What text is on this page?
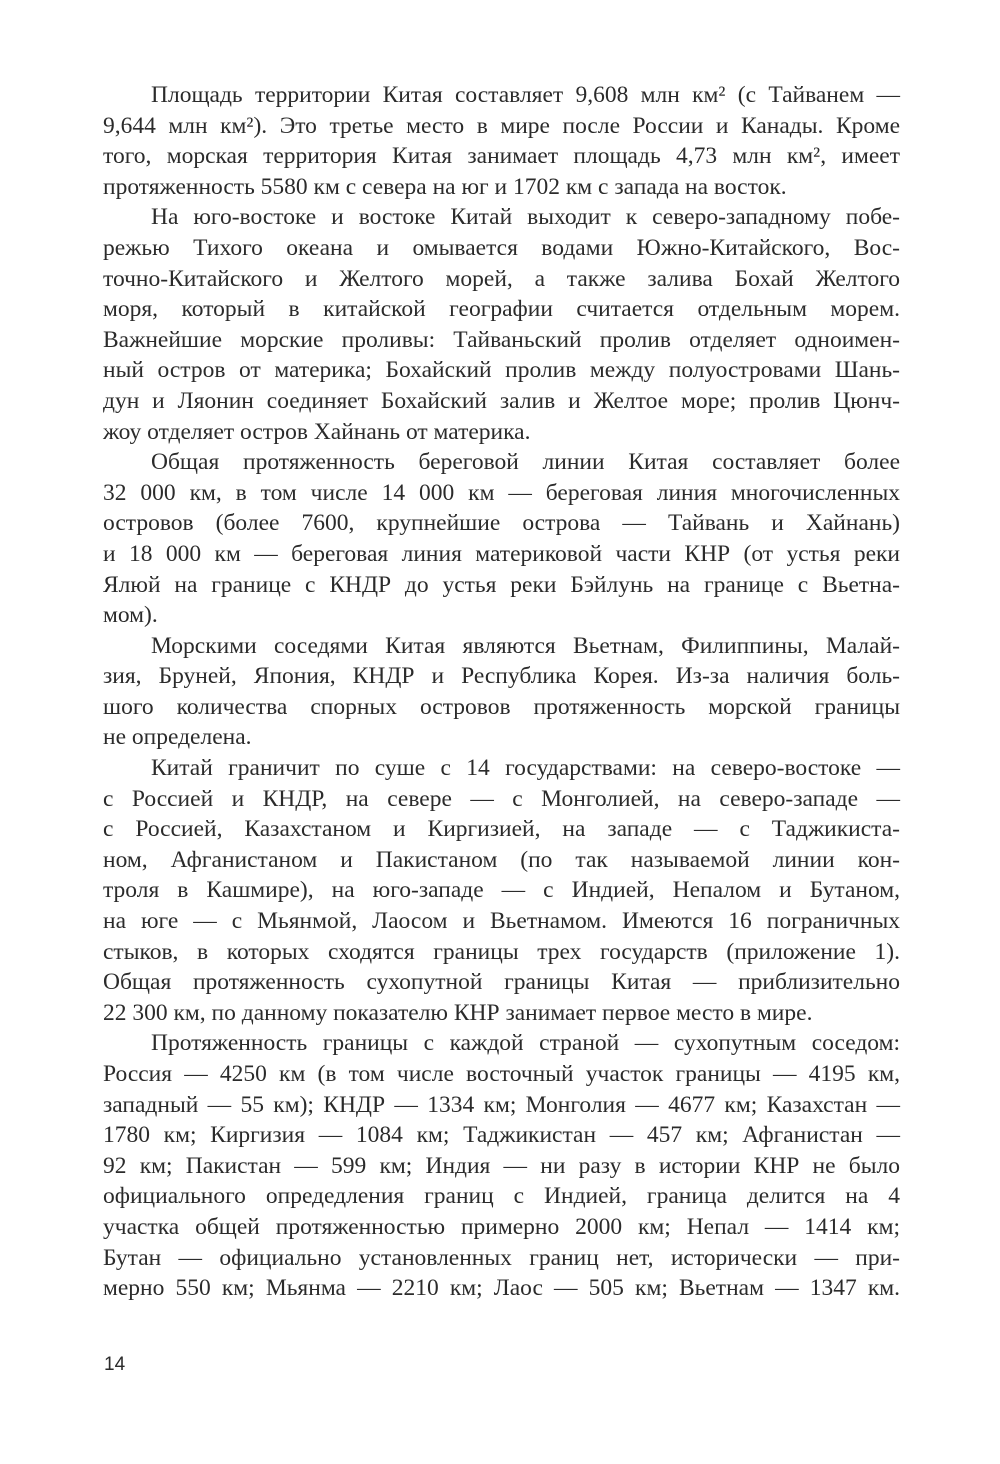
Площадь территории Китая составляет 9,608 млн км² (с Тайванем —
9,644 млн км²). Это третье место в мире после России и Канады. Кроме
того, морская территория Китая занимает площадь 4,73 млн км², имеет
протяженность 5580 км с севера на юг и 1702 км с запада на восток.

На юго-востоке и востоке Китай выходит к северо-западному побе-
режью Тихого океана и омывается водами Южно-Китайского, Вос-
точно-Китайского и Желтого морей, а также залива Бохай Желтого
моря, который в китайской географии считается отдельным морем.
Важнейшие морские проливы: Тайваньский пролив отделяет одноимен-
ный остров от материка; Бохайский пролив между полуостровами Шань-
дун и Ляонин соединяет Бохайский залив и Желтое море; пролив Цюнч-
жоу отделяет остров Хайнань от материка.

Общая протяженность береговой линии Китая составляет более
32 000 км, в том числе 14 000 км — береговая линия многочисленных
островов (более 7600, крупнейшие острова — Тайвань и Хайнань)
и 18 000 км — береговая линия материковой части КНР (от устья реки
Ялюй на границе с КНДР до устья реки Бэйлунь на границе с Вьетна-
мом).

Морскими соседями Китая являются Вьетнам, Филиппины, Малай-
зия, Бруней, Япония, КНДР и Республика Корея. Из-за наличия боль-
шого количества спорных островов протяженность морской границы
не определена.

Китай граничит по суше с 14 государствами: на северо-востоке —
с Россией и КНДР, на севере — с Монголией, на северо-западе —
с Россией, Казахстаном и Киргизией, на западе — с Таджикиста-
ном, Афганистаном и Пакистаном (по так называемой линии кон-
троля в Кашмире), на юго-западе — с Индией, Непалом и Бутаном,
на юге — с Мьянмой, Лаосом и Вьетнамом. Имеются 16 пограничных
стыков, в которых сходятся границы трех государств (приложение 1).
Общая протяженность сухопутной границы Китая — приблизительно
22 300 км, по данному показателю КНР занимает первое место в мире.

Протяженность границы с каждой страной — сухопутным соседом:
Россия — 4250 км (в том числе восточный участок границы — 4195 км,
западный — 55 км); КНДР — 1334 км; Монголия — 4677 км; Казахстан —
1780 км; Киргизия — 1084 км; Таджикистан — 457 км; Афганистан —
92 км; Пакистан — 599 км; Индия — ни разу в истории КНР не было
официального опредедления границ с Индией, граница делится на 4
участка общей протяженностью примерно 2000 км; Непал — 1414 км;
Бутан — официально установленных границ нет, исторически — при-
мерно 550 км; Мьянма — 2210 км; Лаос — 505 км; Вьетнам — 1347 км.

14
